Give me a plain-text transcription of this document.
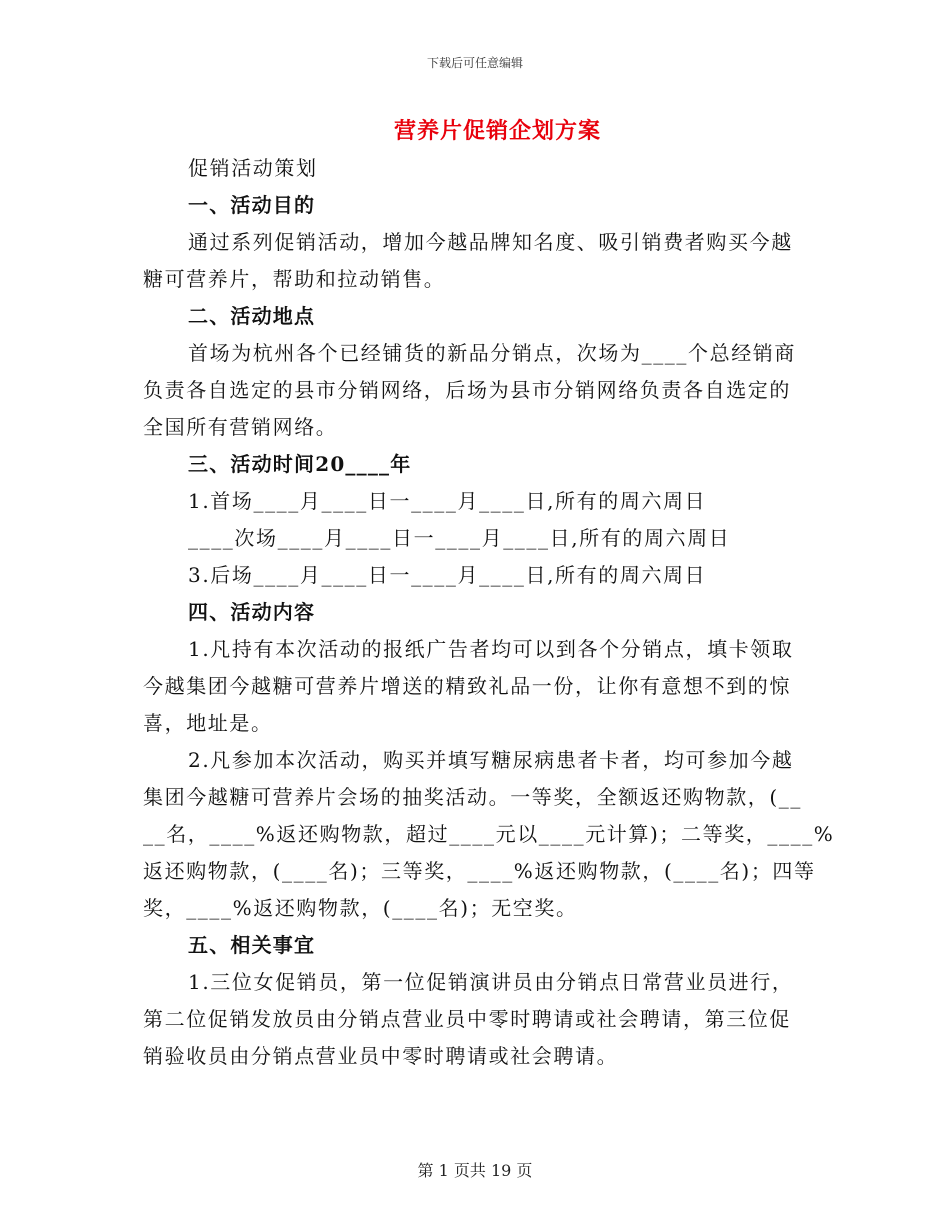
下载后可任意编辑
营养片促销企划方案
促销活动策划
一、活动目的
通过系列促销活动，增加今越品牌知名度、吸引销费者购买今越
糖可营养片，帮助和拉动销售。
二、活动地点
首场为杭州各个已经铺货的新品分销点，次场为____个总经销商
负责各自选定的县市分销网络，后场为县市分销网络负责各自选定的
全国所有营销网络。
三、活动时间20____年
1.首场____月____日一____月____日,所有的周六周日
____次场____月____日一____月____日,所有的周六周日
3.后场____月____日一____月____日,所有的周六周日
四、活动内容
1.凡持有本次活动的报纸广告者均可以到各个分销点，填卡领取
今越集团今越糖可营养片增送的精致礼品一份，让你有意想不到的惊
喜，地址是。
2.凡参加本次活动，购买并填写糖尿病患者卡者，均可参加今越
集团今越糖可营养片会场的抽奖活动。一等奖，全额返还购物款，(__
__名，____%返还购物款，超过____元以____元计算)；二等奖，____%
返还购物款，(____名)；三等奖，____%返还购物款，(____名)；四等
奖，____%返还购物款，(____名)；无空奖。
五、相关事宜
1.三位女促销员，第一位促销演讲员由分销点日常营业员进行，
第二位促销发放员由分销点营业员中零时聘请或社会聘请，第三位促
销验收员由分销点营业员中零时聘请或社会聘请。
第 1 页共 19 页
